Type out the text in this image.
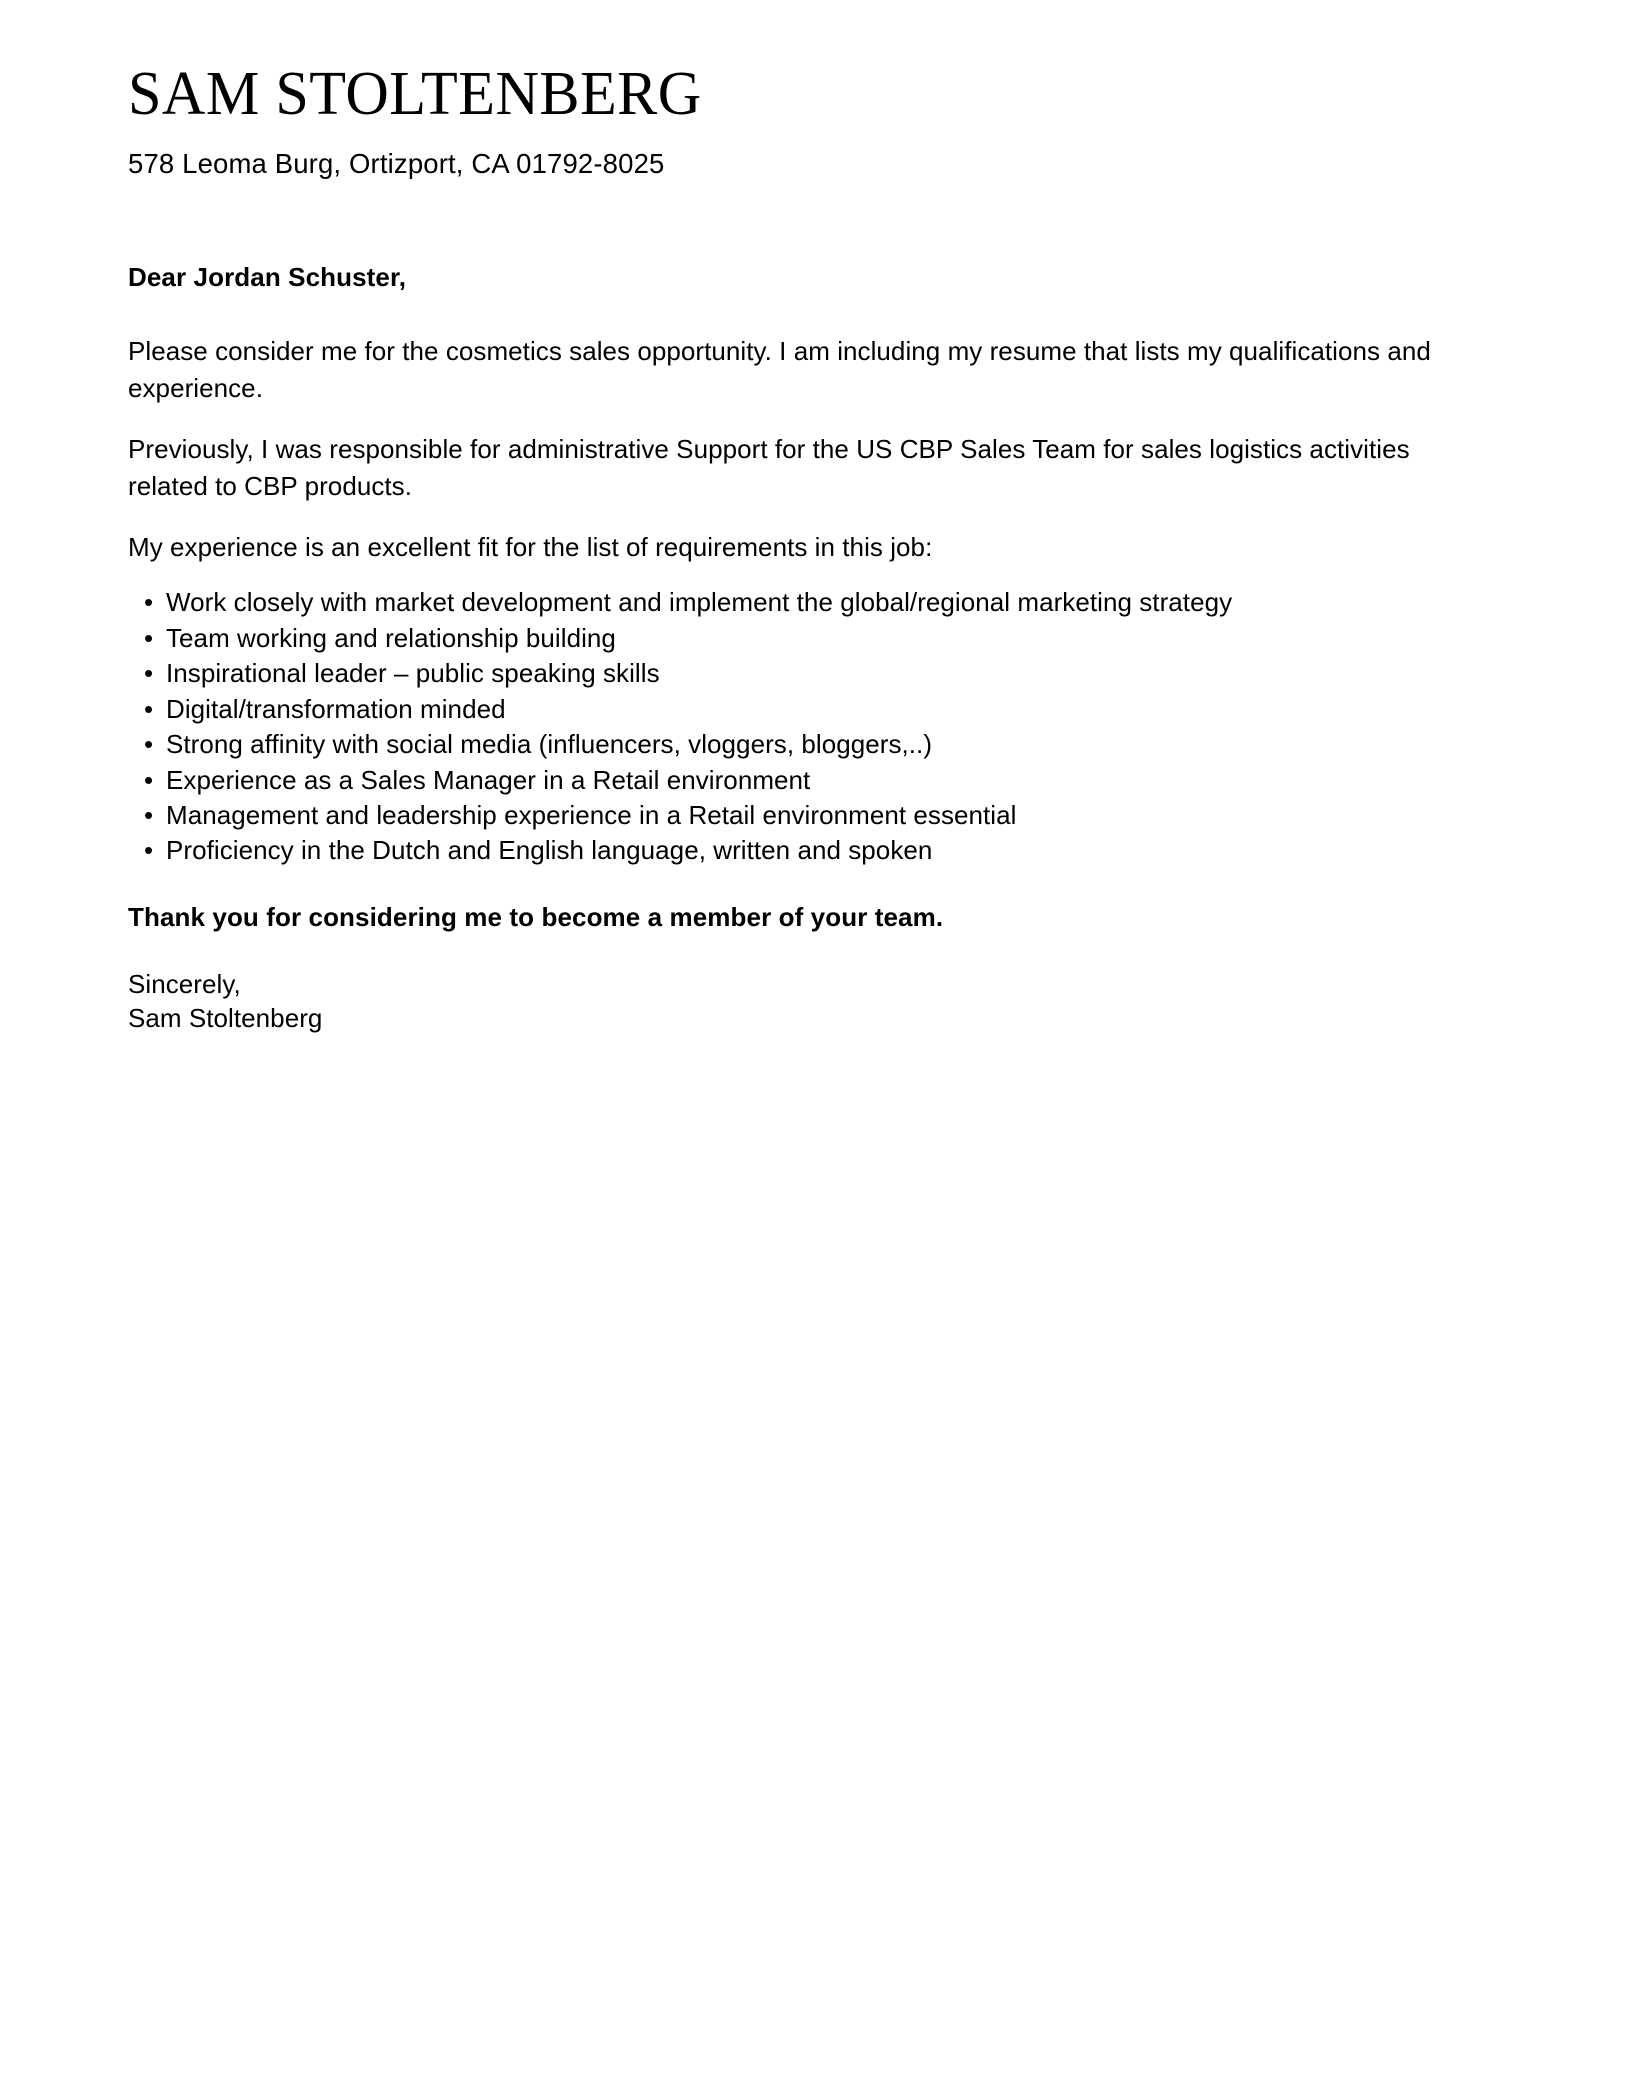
SAM STOLTENBERG
578 Leoma Burg, Ortizport, CA 01792-8025
Dear Jordan Schuster,

Please consider me for the cosmetics sales opportunity. I am including my resume that lists my qualifications and experience.

Previously, I was responsible for administrative Support for the US CBP Sales Team for sales logistics activities related to CBP products.

My experience is an excellent fit for the list of requirements in this job:

• Work closely with market development and implement the global/regional marketing strategy
• Team working and relationship building
• Inspirational leader – public speaking skills
• Digital/transformation minded
• Strong affinity with social media (influencers, vloggers, bloggers,..)
• Experience as a Sales Manager in a Retail environment
• Management and leadership experience in a Retail environment essential
• Proficiency in the Dutch and English language, written and spoken
Thank you for considering me to become a member of your team.
Sincerely,
Sam Stoltenberg
